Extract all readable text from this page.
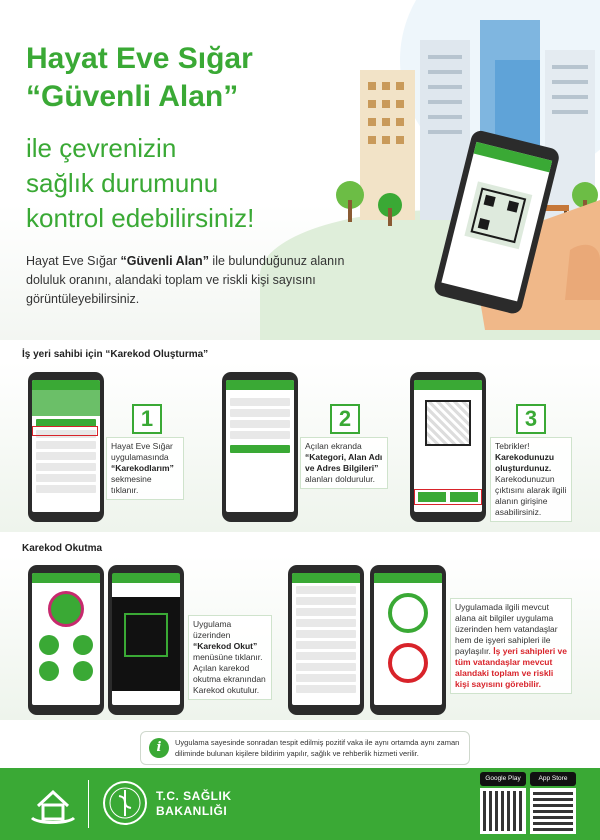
Hayat Eve Sığar
“Güvenli Alan”
ile çevrenizin
sağlık durumunu
kontrol edebilirsiniz!
Hayat Eve Sığar “Güvenli Alan” ile bulunduğunuz alanın doluluk oranını, alandaki toplam ve riskli kişi sayısını görüntüleyebilirsiniz.
İş yeri sahibi için “Karekod Oluşturma”
1
Hayat Eve Sığar uygulamasında “Karekodlarım” sekmesine tıklanır.
2
Açılan ekranda “Kategori, Alan Adı ve Adres Bilgileri” alanları doldurulur.
3
Tebrikler! Karekodunuzu oluşturdunuz. Karekodunuzun çıktısını alarak ilgili alanın girişine asabilirsiniz.
Karekod Okutma
Uygulama üzerinden “Karekod Okut” menüsüne tıklanır. Açılan karekod okutma ekranından Karekod okutulur.
Uygulamada ilgili mevcut alana ait bilgiler uygulama üzerinden hem vatandaşlar hem de işyeri sahipleri ile paylaşılır. İş yeri sahipleri ve tüm vatandaşlar mevcut alandaki toplam ve riskli kişi sayısını görebilir.
i	Uygulama sayesinde sonradan tespit edilmiş pozitif vaka ile aynı ortamda aynı zaman diliminde bulunan kişilere bildirim yapılır, sağlık ve rehberlik hizmeti verilir.
T.C. SAĞLIK
BAKANLIĞI
Google Play	App Store
